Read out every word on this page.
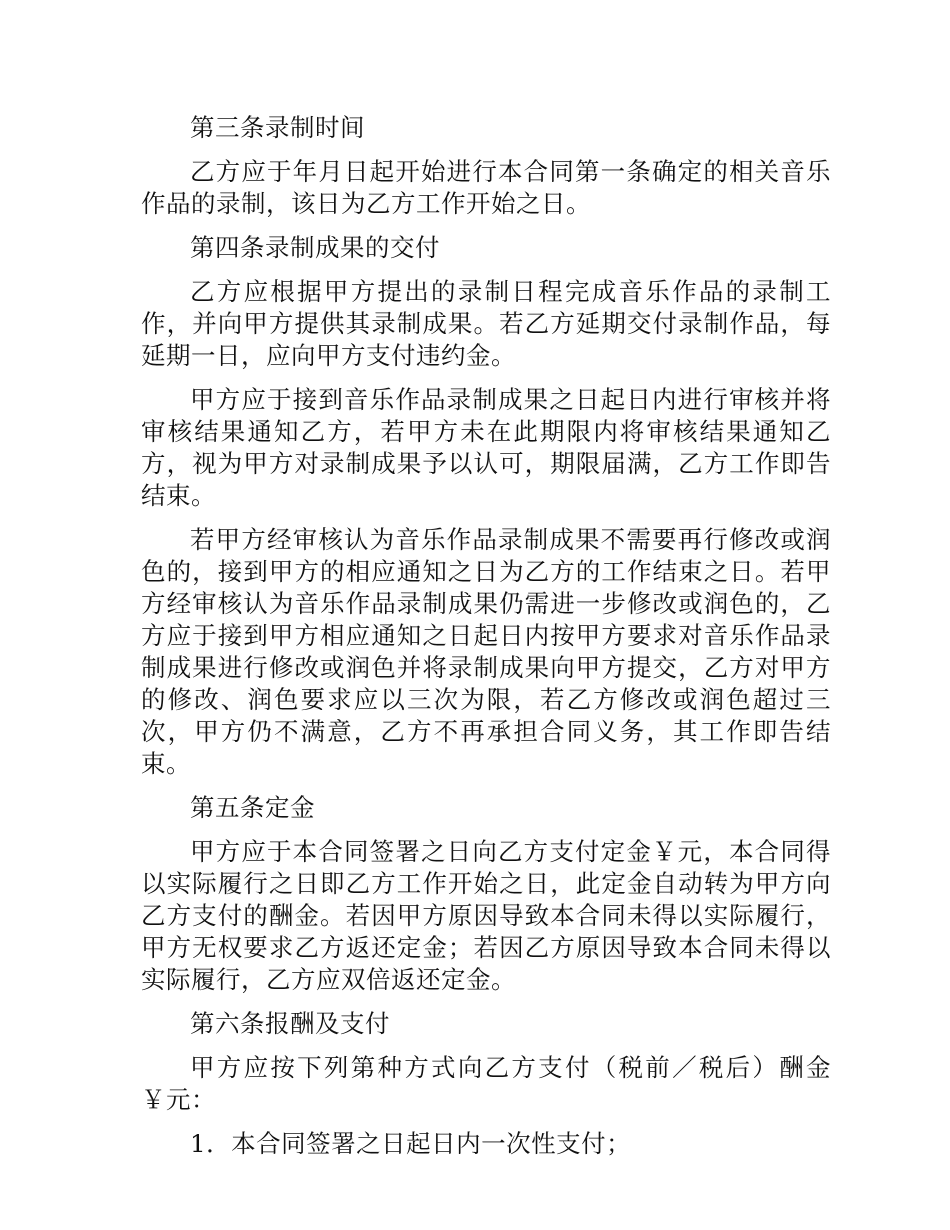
第三条录制时间

乙方应于年月日起开始进行本合同第一条确定的相关音乐作品的录制，该日为乙方工作开始之日。

第四条录制成果的交付

乙方应根据甲方提出的录制日程完成音乐作品的录制工作，并向甲方提供其录制成果。若乙方延期交付录制作品，每延期一日，应向甲方支付违约金。

甲方应于接到音乐作品录制成果之日起日内进行审核并将审核结果通知乙方，若甲方未在此期限内将审核结果通知乙方，视为甲方对录制成果予以认可，期限届满，乙方工作即告结束。

若甲方经审核认为音乐作品录制成果不需要再行修改或润色的，接到甲方的相应通知之日为乙方的工作结束之日。若甲方经审核认为音乐作品录制成果仍需进一步修改或润色的，乙方应于接到甲方相应通知之日起日内按甲方要求对音乐作品录制成果进行修改或润色并将录制成果向甲方提交，乙方对甲方的修改、润色要求应以三次为限，若乙方修改或润色超过三次，甲方仍不满意，乙方不再承担合同义务，其工作即告结束。

第五条定金

甲方应于本合同签署之日向乙方支付定金￥元，本合同得以实际履行之日即乙方工作开始之日，此定金自动转为甲方向乙方支付的酬金。若因甲方原因导致本合同未得以实际履行，甲方无权要求乙方返还定金；若因乙方原因导致本合同未得以实际履行，乙方应双倍返还定金。

第六条报酬及支付

甲方应按下列第种方式向乙方支付（税前／税后）酬金￥元：

1．本合同签署之日起日内一次性支付；
